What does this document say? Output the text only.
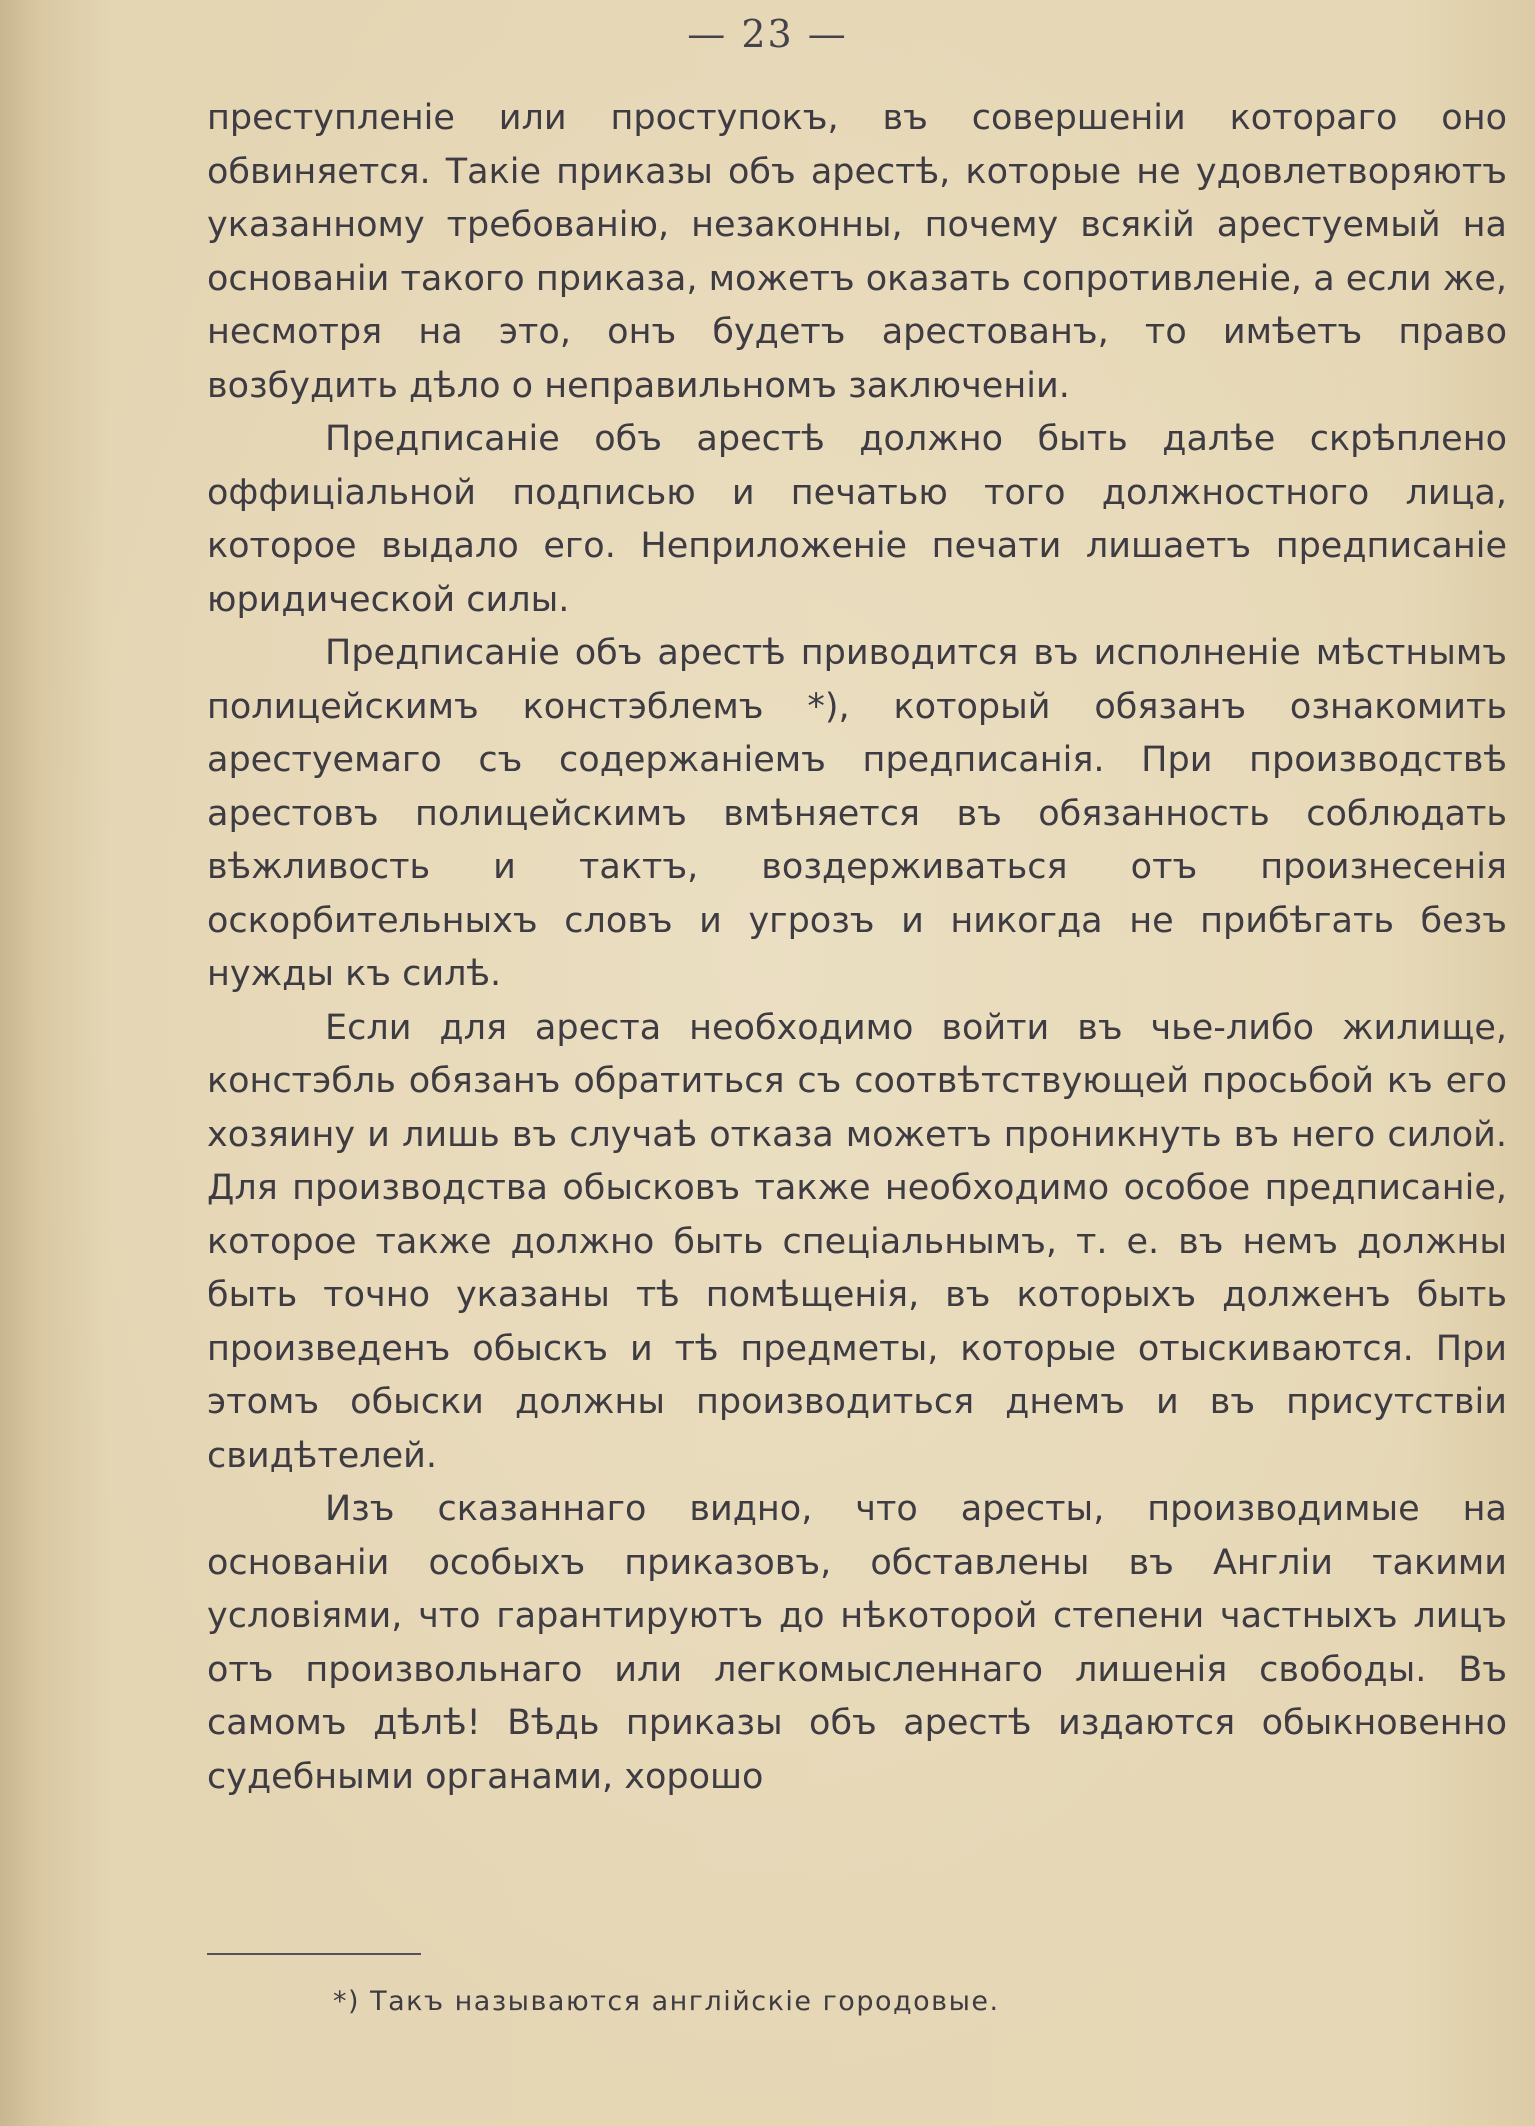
— 23 —

преступленіе или проступокъ, въ совершеніи котораго оно обвиняется. Такіе приказы объ арестѣ, которые не удовлетворяютъ указанному требованію, незаконны, почему всякій арестуемый на основаніи такого приказа, можетъ оказать сопротивленіе, а если же, несмотря на это, онъ будетъ арестованъ, то имѣетъ право возбудить дѣло о неправильномъ заключеніи.

Предписаніе объ арестѣ должно быть далѣе скрѣплено оффиціальной подписью и печатью того должностного лица, которое выдало его. Неприложеніе печати лишаетъ предписаніе юридической силы.

Предписаніе объ арестѣ приводится въ исполненіе мѣстнымъ полицейскимъ констэблемъ *), который обязанъ ознакомить арестуемаго съ содержаніемъ предписанія. При производствѣ арестовъ полицейскимъ вмѣняется въ обязанность соблюдать вѣжливость и тактъ, воздерживаться отъ произнесенія оскорбительныхъ словъ и угрозъ и никогда не прибѣгать безъ нужды къ силѣ.

Если для ареста необходимо войти въ чье-либо жилище, констэбль обязанъ обратиться съ соотвѣтствующей просьбой къ его хозяину и лишь въ случаѣ отказа можетъ проникнуть въ него силой. Для производства обысковъ также необходимо особое предписаніе, которое также должно быть спеціальнымъ, т. е. въ немъ должны быть точно указаны тѣ помѣщенія, въ которыхъ долженъ быть произведенъ обыскъ и тѣ предметы, которые отыскиваются. При этомъ обыски должны производиться днемъ и въ присутствіи свидѣтелей.

Изъ сказаннаго видно, что аресты, производимые на основаніи особыхъ приказовъ, обставлены въ Англіи такими условіями, что гарантируютъ до нѣкоторой степени частныхъ лицъ отъ произвольнаго или легкомысленнаго лишенія свободы. Въ самомъ дѣлѣ! Вѣдь приказы объ арестѣ издаются обыкновенно судебными органами, хорошо

*) Такъ называются англійскіе городовые.
